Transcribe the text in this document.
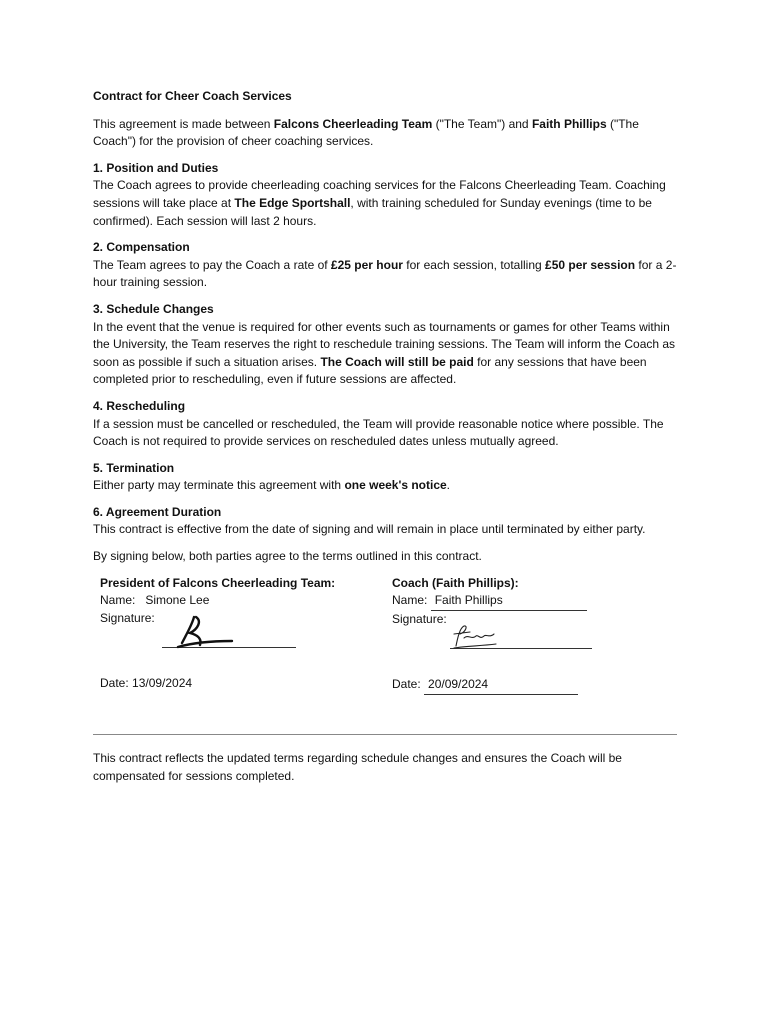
Contract for Cheer Coach Services

This agreement is made between Falcons Cheerleading Team ("The Team") and Faith Phillips ("The Coach") for the provision of cheer coaching services.

1. Position and Duties
The Coach agrees to provide cheerleading coaching services for the Falcons Cheerleading Team. Coaching sessions will take place at The Edge Sportshall, with training scheduled for Sunday evenings (time to be confirmed). Each session will last 2 hours.
2. Compensation
The Team agrees to pay the Coach a rate of £25 per hour for each session, totalling £50 per session for a 2-hour training session.
3. Schedule Changes
In the event that the venue is required for other events such as tournaments or games for other Teams within the University, the Team reserves the right to reschedule training sessions. The Team will inform the Coach as soon as possible if such a situation arises. The Coach will still be paid for any sessions that have been completed prior to rescheduling, even if future sessions are affected.
4. Rescheduling
If a session must be cancelled or rescheduled, the Team will provide reasonable notice where possible. The Coach is not required to provide services on rescheduled dates unless mutually agreed.
5. Termination
Either party may terminate this agreement with one week's notice.
6. Agreement Duration
This contract is effective from the date of signing and will remain in place until terminated by either party.

By signing below, both parties agree to the terms outlined in this contract.

President of Falcons Cheerleading Team:
Name:   Simone Lee
Signature:
Date: 13/09/2024
Coach (Faith Phillips):
Name: Faith Phillips
Signature:
Date: 20/09/2024
This contract reflects the updated terms regarding schedule changes and ensures the Coach will be compensated for sessions completed.
